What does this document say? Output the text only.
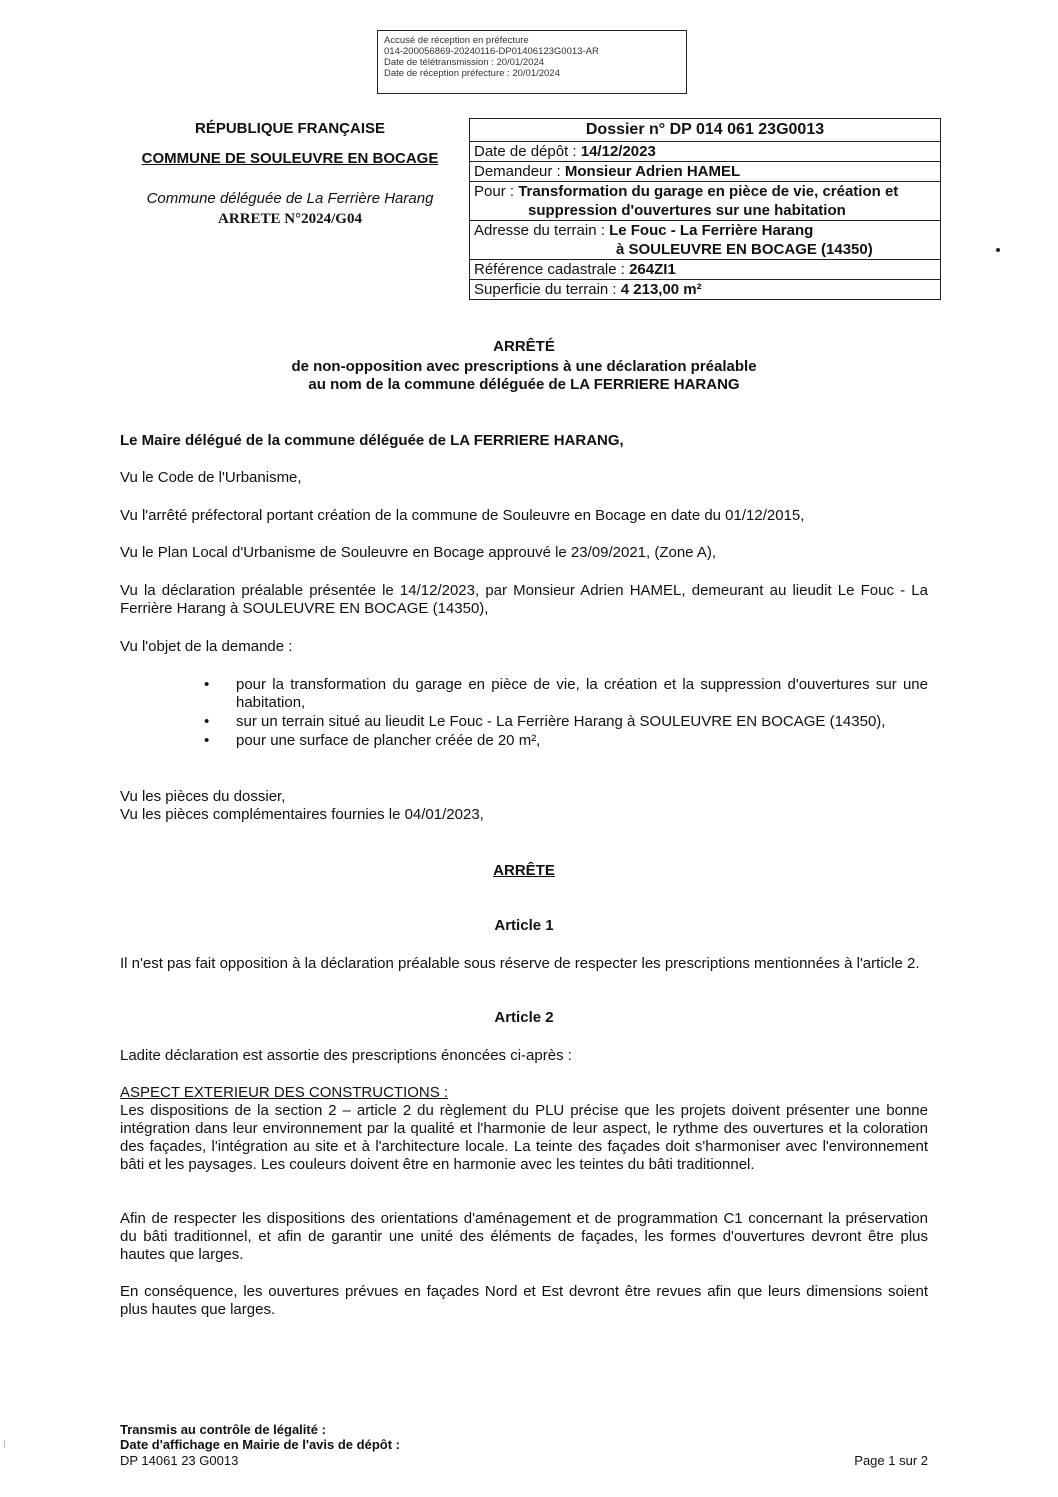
Accusé de réception en préfecture
014-200056869-20240116-DP01406123G0013-AR
Date de télétransmission : 20/01/2024
Date de réception préfecture : 20/01/2024
RÉPUBLIQUE FRANÇAISE
COMMUNE DE SOULEUVRE EN BOCAGE
Commune déléguée de La Ferrière Harang
ARRETE N°2024/G04
Dossier n° DP 014 061 23G0013
Date de dépôt : 14/12/2023
Demandeur : Monsieur Adrien HAMEL
Pour : Transformation du garage en pièce de vie, création et
suppression d'ouvertures sur une habitation
Adresse du terrain : Le Fouc - La Ferrière Harang
à SOULEUVRE EN BOCAGE (14350)
Référence cadastrale : 264ZI1
Superficie du terrain : 4 213,00 m²
ARRÊTÉ
de non-opposition avec prescriptions à une déclaration préalable
au nom de la commune déléguée de LA FERRIERE HARANG
Le Maire délégué de la commune déléguée de LA FERRIERE HARANG,
Vu le Code de l'Urbanisme,
Vu l'arrêté préfectoral portant création de la commune de Souleuvre en Bocage en date du 01/12/2015,
Vu le Plan Local d'Urbanisme de Souleuvre en Bocage approuvé le 23/09/2021, (Zone A),
Vu la déclaration préalable présentée le 14/12/2023, par Monsieur Adrien HAMEL, demeurant au lieudit Le Fouc - La Ferrière Harang à SOULEUVRE EN BOCAGE (14350),
Vu l'objet de la demande :
• pour la transformation du garage en pièce de vie, la création et la suppression d'ouvertures sur une habitation,
• sur un terrain situé au lieudit Le Fouc - La Ferrière Harang à SOULEUVRE EN BOCAGE (14350),
• pour une surface de plancher créée de 20 m²,
Vu les pièces du dossier,
Vu les pièces complémentaires fournies le 04/01/2023,
ARRÊTE
Article 1
Il n'est pas fait opposition à la déclaration préalable sous réserve de respecter les prescriptions mentionnées à l'article 2.
Article 2
Ladite déclaration est assortie des prescriptions énoncées ci-après :
ASPECT EXTERIEUR DES CONSTRUCTIONS :
Les dispositions de la section 2 – article 2 du règlement du PLU précise que les projets doivent présenter une bonne intégration dans leur environnement par la qualité et l'harmonie de leur aspect, le rythme des ouvertures et la coloration des façades, l'intégration au site et à l'architecture locale. La teinte des façades doit s'harmoniser avec l'environnement bâti et les paysages. Les couleurs doivent être en harmonie avec les teintes du bâti traditionnel.
Afin de respecter les dispositions des orientations d'aménagement et de programmation C1 concernant la préservation du bâti traditionnel, et afin de garantir une unité des éléments de façades, les formes d'ouvertures devront être plus hautes que larges.
En conséquence, les ouvertures prévues en façades Nord et Est devront être revues afin que leurs dimensions soient plus hautes que larges.
Transmis au contrôle de légalité :
Date d'affichage en Mairie de l'avis de dépôt :
DP 14061 23 G0013	Page 1 sur 2
